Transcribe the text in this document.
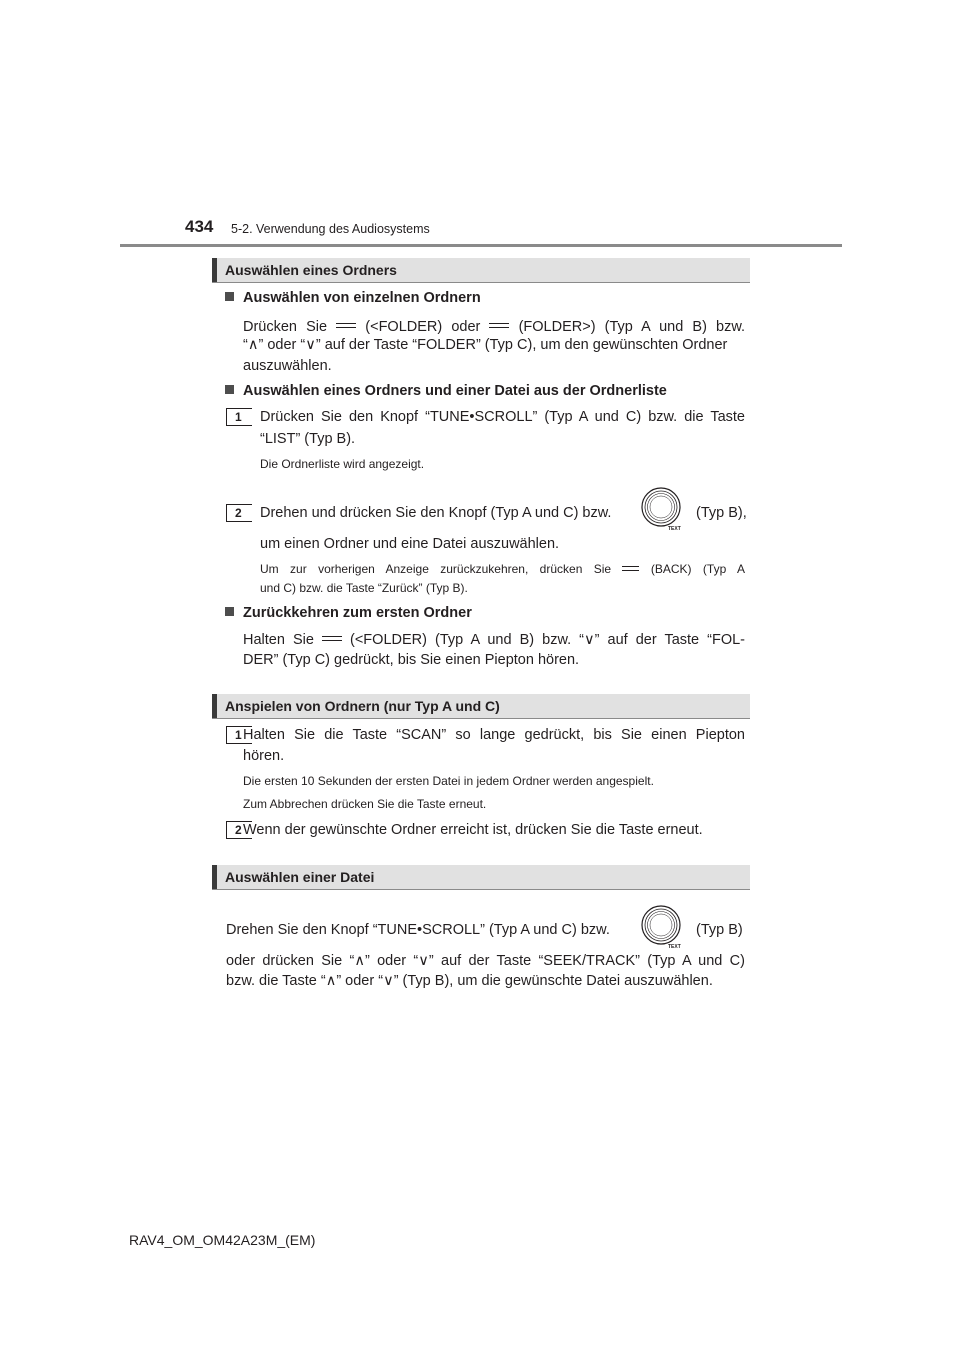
434 5-2. Verwendung des Audiosystems
Auswählen eines Ordners
Auswählen von einzelnen Ordnern
Drücken Sie	(<FOLDER) oder	(FOLDER>) (Typ A und B) bzw.
“∧” oder “∨” auf der Taste “FOLDER” (Typ C), um den gewünschten Ordner
auszuwählen.
Auswählen eines Ordners und einer Datei aus der Ordnerliste
1	Drücken Sie den Knopf “TUNE•SCROLL” (Typ A und C) bzw. die Taste
“LIST” (Typ B).
Die Ordnerliste wird angezeigt.
2	Drehen und drücken Sie den Knopf (Typ A und C) bzw.
TEXT
(Typ B),
um einen Ordner und eine Datei auszuwählen.
Um zur vorherigen Anzeige zurückzukehren, drücken Sie	(BACK) (Typ A
und C) bzw. die Taste “Zurück” (Typ B).
Zurückkehren zum ersten Ordner
Halten Sie (<FOLDER) (Typ A und B) bzw. “∨” auf der Taste “FOL-
DER” (Typ C) gedrückt, bis Sie einen Piepton hören.
Anspielen von Ordnern (nur Typ A und C)
1 Halten Sie die Taste “SCAN” so lange gedrückt, bis Sie einen Piepton
hören.
Die ersten 10 Sekunden der ersten Datei in jedem Ordner werden angespielt.
Zum Abbrechen drücken Sie die Taste erneut.
2 Wenn der gewünschte Ordner erreicht ist, drücken Sie die Taste erneut.
Auswählen einer Datei
Drehen Sie den Knopf “TUNE•SCROLL” (Typ A und C) bzw.
TEXT
(Typ B)
oder drücken Sie “∧” oder “∨” auf der Taste “SEEK/TRACK” (Typ A und C)
bzw. die Taste “∧” oder “∨” (Typ B), um die gewünschte Datei auszuwählen.
RAV4_OM_OM42A23M_(EM)
